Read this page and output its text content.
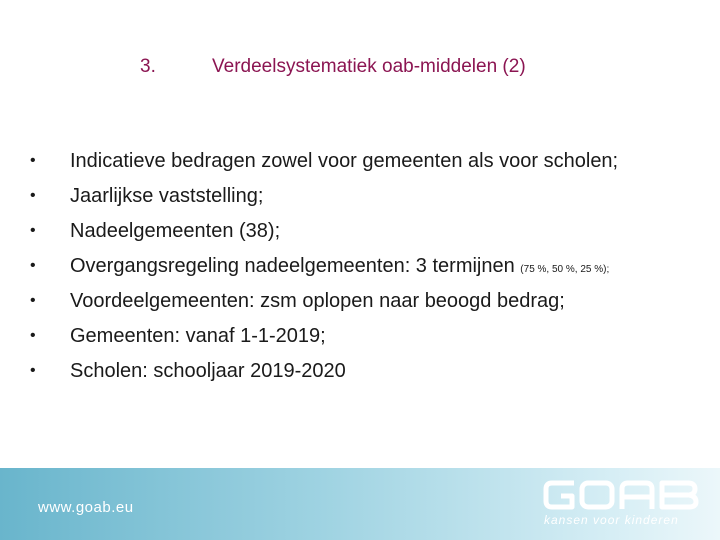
3.	Verdeelsystematiek oab-middelen (2)
•	Indicatieve bedragen zowel voor gemeenten als voor scholen;
•	Jaarlijkse vaststelling;
•	Nadeelgemeenten (38);
•	Overgangsregeling nadeelgemeenten: 3 termijnen (75 %, 50 %, 25 %);
•	Voordeelgemeenten: zsm oplopen naar beoogd bedrag;
•	Gemeenten: vanaf 1-1-2019;
•	Scholen: schooljaar 2019-2020
www.goab.eu
kansen voor kinderen
